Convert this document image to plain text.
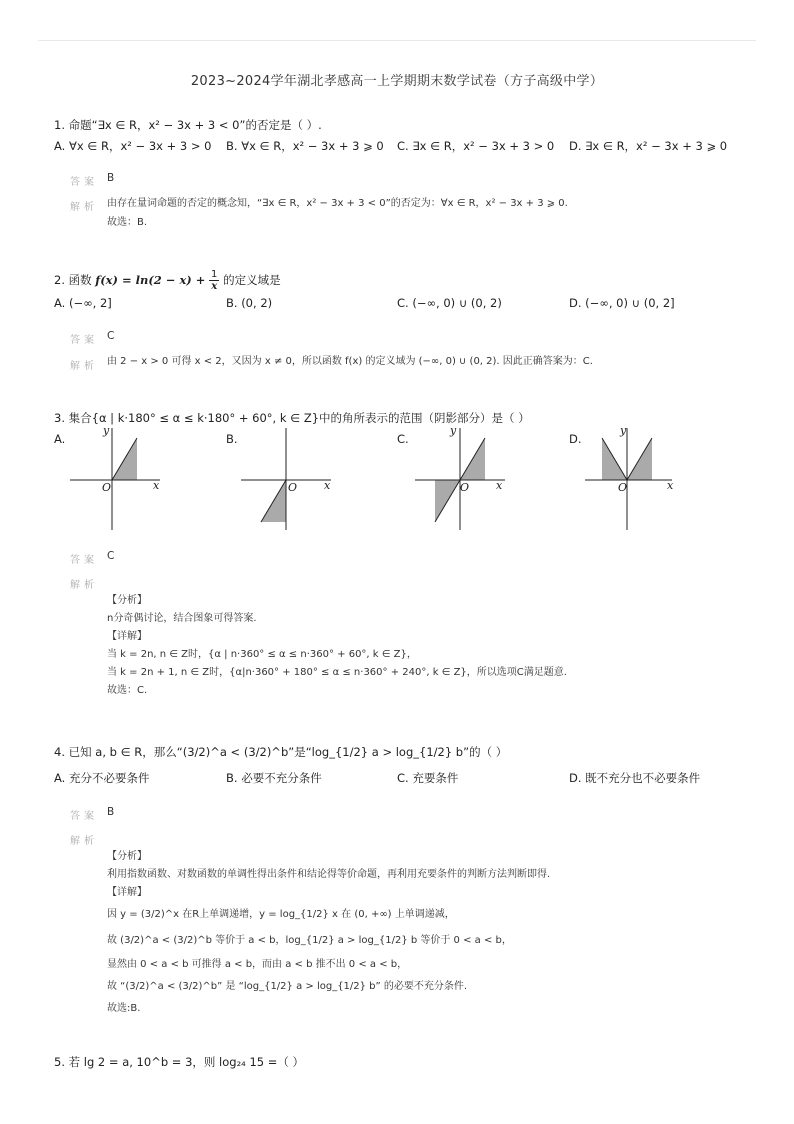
2023~2024学年湖北孝感高一上学期期末数学试卷（方子高级中学）
1. 命题“∃x ∈ R，x² − 3x + 3 < 0”的否定是（ ）.
A. ∀x ∈ R，x² − 3x + 3 > 0 B. ∀x ∈ R，x² − 3x + 3 ⩾ 0 C. ∃x ∈ R，x² − 3x + 3 > 0 D. ∃x ∈ R，x² − 3x + 3 ⩾ 0
答案 B
解析 由存在量词命题的否定的概念知，“∃x ∈ R，x² − 3x + 3 < 0”的否定为：∀x ∈ R，x² − 3x + 3 ⩾ 0.
故选：B.
2. 函数 $f(x) = \ln(2 - x) + \frac{1}{x}$ 的定义域是
A. (−∞, 2]	B. (0, 2)	C. (−∞, 0) ∪ (0, 2)	D. (−∞, 0) ∪ (0, 2]
答案 C
解析 由 2 − x > 0 可得 x < 2，又因为 x ≠ 0，所以函数 f(x) 的定义域为 (−∞, 0) ∪ (0, 2). 因此正确答案为：C.
3. 集合{α | k·180° ≤ α ≤ k·180° + 60°, k ∈ Z}中的角所表示的范围（阴影部分）是（ ）
A.	B.	C.	D.
y
x
O	O x
y
O x
y
O	x
答案 C
解析
【分析】
n分奇偶讨论，结合图象可得答案.
【详解】
当 k = 2n, n ∈ Z时，{α | n·360° ≤ α ≤ n·360° + 60°, k ∈ Z}，
当 k = 2n + 1, n ∈ Z时，{α|n·360° + 180° ≤ α ≤ n·360° + 240°, k ∈ Z}，所以选项C满足题意.
故选：C.
4. 已知 a, b ∈ R，那么“(3/2)^a < (3/2)^b”是“log_{1/2} a > log_{1/2} b”的（ ）
A. 充分不必要条件	B. 必要不充分条件	C. 充要条件	D. 既不充分也不必要条件
答案 B
解析
【分析】
利用指数函数、对数函数的单调性得出条件和结论得等价命题，再利用充要条件的判断方法判断即得.
【详解】
因 y = (3/2)^x 在R上单调递增，y = log_{1/2} x 在 (0, +∞) 上单调递减，
故 (3/2)^a < (3/2)^b 等价于 a < b，log_{1/2} a > log_{1/2} b 等价于 0 < a < b，
显然由 0 < a < b 可推得 a < b，而由 a < b 推不出 0 < a < b，
故 “(3/2)^a < (3/2)^b” 是 “log_{1/2} a > log_{1/2} b” 的必要不充分条件.
故选:B.
5. 若 lg 2 = a, 10^b = 3，则 log₂₄ 15 =（ ）
